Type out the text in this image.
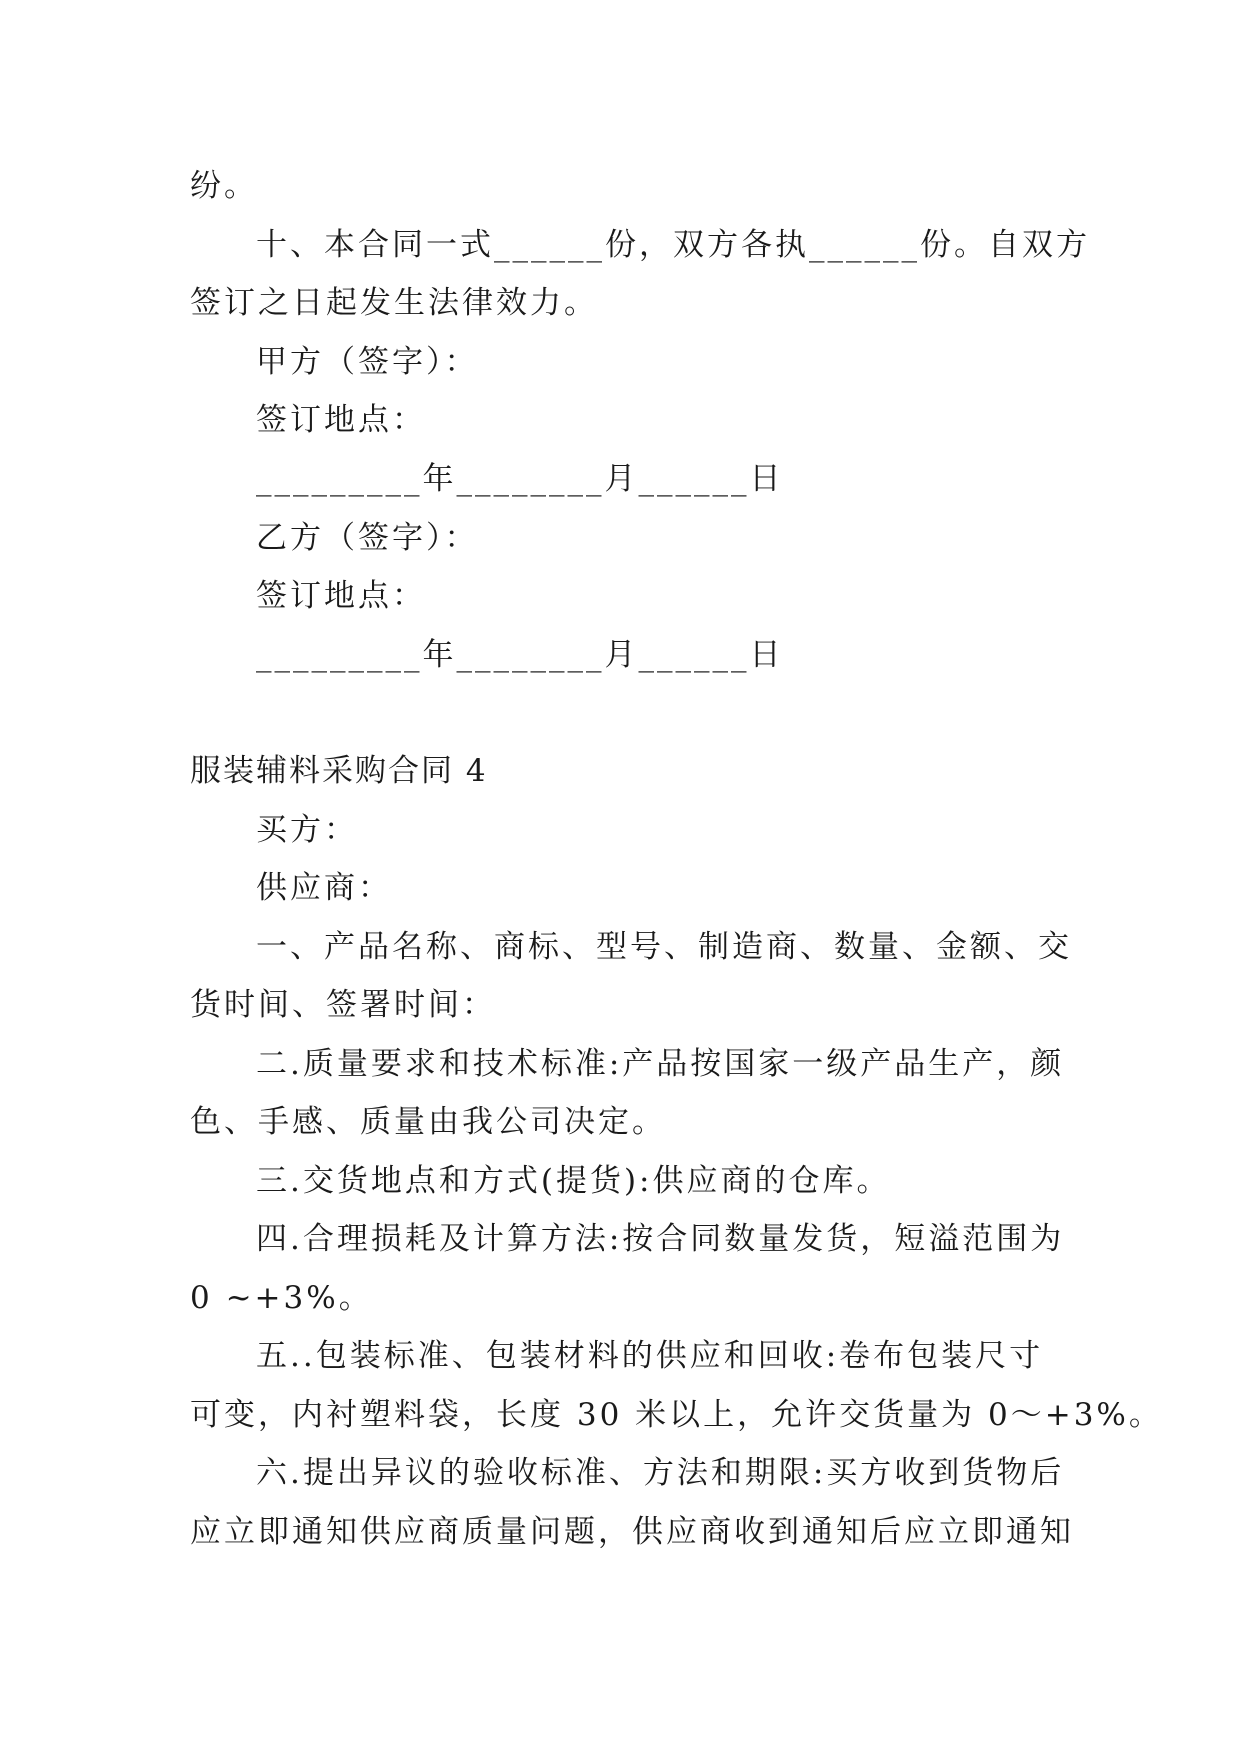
纷。
十、本合同一式______份，双方各执______份。自双方
签订之日起发生法律效力。
甲方（签字）：
签订地点：
_________年________月______日
乙方（签字）：
签订地点：
_________年________月______日
服装辅料采购合同 4
买方：
供应商：
一、产品名称、商标、型号、制造商、数量、金额、交
货时间、签署时间：
二.质量要求和技术标准:产品按国家一级产品生产，颜
色、手感、质量由我公司决定。
三.交货地点和方式(提货):供应商的仓库。
四.合理损耗及计算方法:按合同数量发货，短溢范围为
0 ~+3%。
五..包装标准、包装材料的供应和回收:卷布包装尺寸
可变，内衬塑料袋，长度 30 米以上，允许交货量为 0～+3%。
六.提出异议的验收标准、方法和期限:买方收到货物后
应立即通知供应商质量问题，供应商收到通知后应立即通知
